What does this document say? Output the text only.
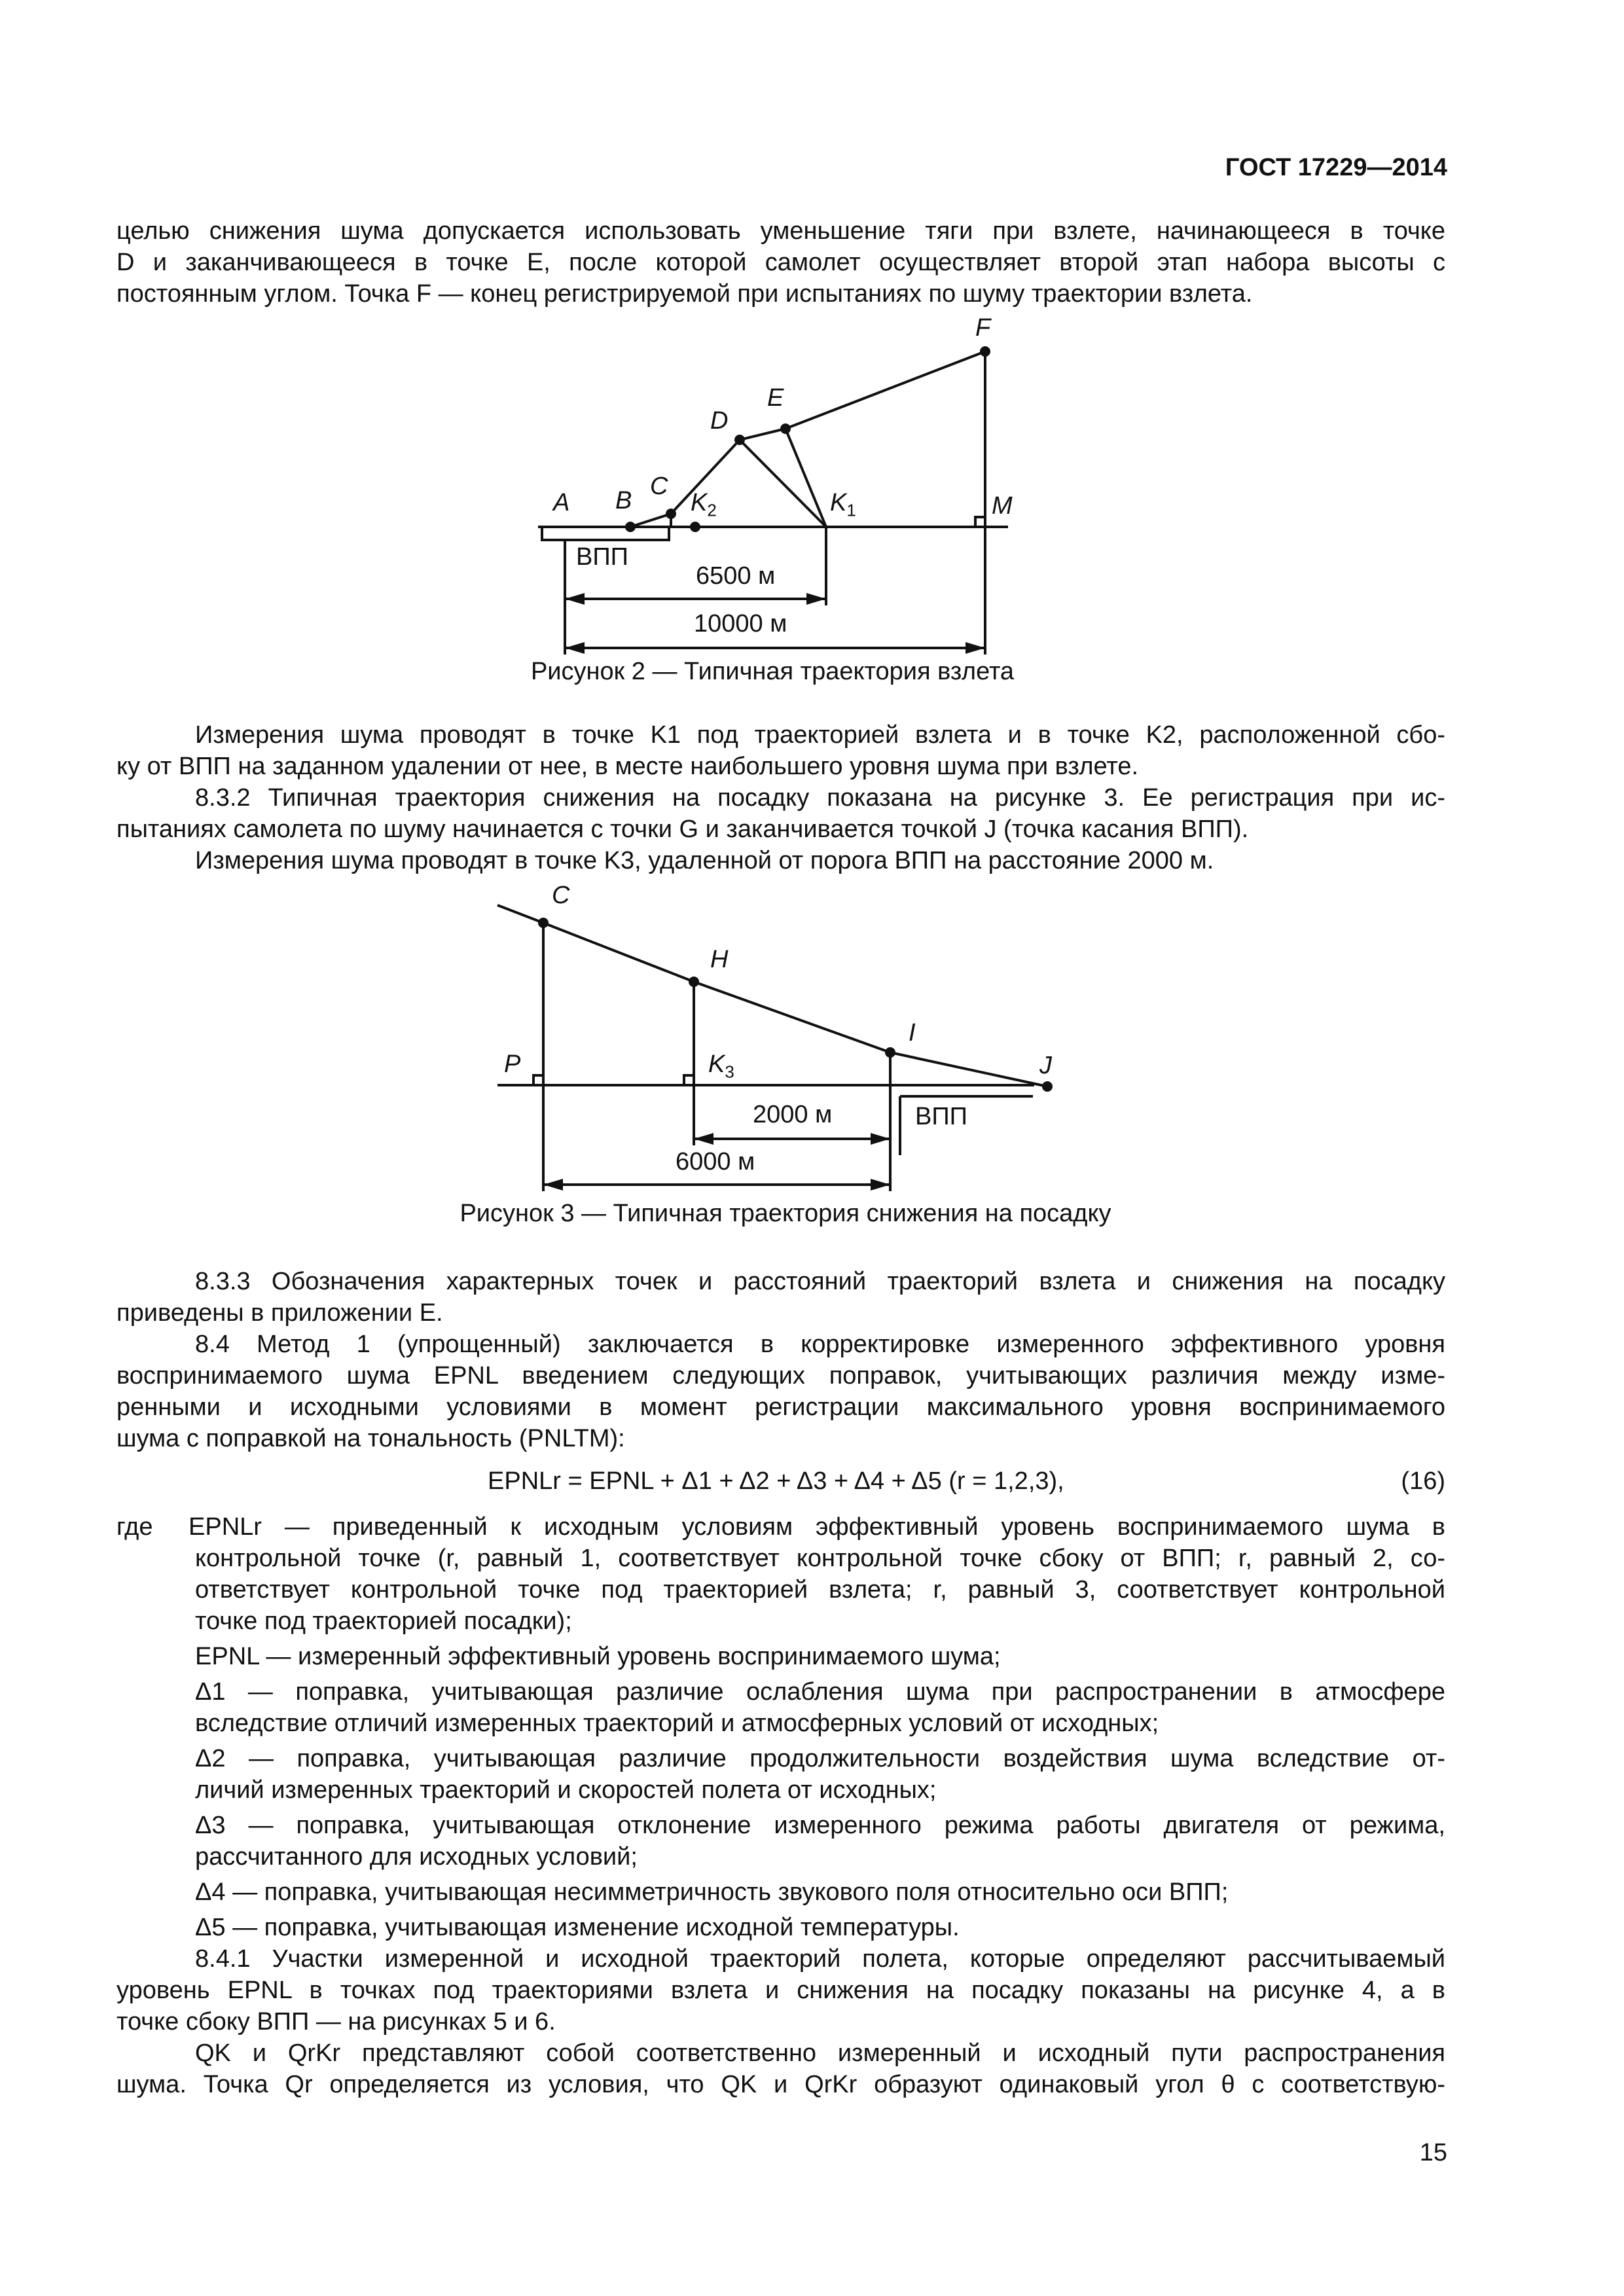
ГОСТ 17229—2014
целью снижения шума допускается использовать уменьшение тяги при взлете, начинающееся в точке
D и заканчивающееся в точке E, после которой самолет осуществляет второй этап набора высоты с
постоянным углом. Точка F — конец регистрируемой при испытаниях по шуму траектории взлета.
A B
C
$K_2$
D
E
F
$K_1$	M
ВПП
6500 м
10000 м
Рисунок 2 — Типичная траектория взлета
Измерения шума проводят в точке K1 под траекторией взлета и в точке K2, расположенной сбо-
ку от ВПП на заданном удалении от нее, в месте наибольшего уровня шума при взлете.
8.3.2 Типичная траектория снижения на посадку показана на рисунке 3. Ее регистрация при ис-
пытаниях самолета по шуму начинается с точки G и заканчивается точкой J (точка касания ВПП).
Измерения шума проводят в точке K3, удаленной от порога ВПП на расстояние 2000 м.
C
H
I
J
P	$K_3$
ВПП
2000 м
6000 м
Рисунок 3 — Типичная траектория снижения на посадку
8.3.3 Обозначения характерных точек и расстояний траекторий взлета и снижения на посадку
приведены в приложении Е.
8.4 Метод 1 (упрощенный) заключается в корректировке измеренного эффективного уровня
воспринимаемого шума EPNL введением следующих поправок, учитывающих различия между изме-
ренными и исходными условиями в момент регистрации максимального уровня воспринимаемого
шума с поправкой на тональность (PNLTM):
EPNLr = EPNL + Δ1 + Δ2 + Δ3 + Δ4 + Δ5 (r = 1,2,3),	(16)
где EPNLr — приведенный к исходным условиям эффективный уровень воспринимаемого шума в
контрольной точке (r, равный 1, соответствует контрольной точке сбоку от ВПП; r, равный 2, со-
ответствует контрольной точке под траекторией взлета; r, равный 3, соответствует контрольной
точке под траекторией посадки);
EPNL — измеренный эффективный уровень воспринимаемого шума;
Δ1 — поправка, учитывающая различие ослабления шума при распространении в атмосфере
вследствие отличий измеренных траекторий и атмосферных условий от исходных;
Δ2 — поправка, учитывающая различие продолжительности воздействия шума вследствие от-
личий измеренных траекторий и скоростей полета от исходных;
Δ3 — поправка, учитывающая отклонение измеренного режима работы двигателя от режима,
рассчитанного для исходных условий;
Δ4 — поправка, учитывающая несимметричность звукового поля относительно оси ВПП;
Δ5 — поправка, учитывающая изменение исходной температуры.
8.4.1 Участки измеренной и исходной траекторий полета, которые определяют рассчитываемый
уровень EPNL в точках под траекториями взлета и снижения на посадку показаны на рисунке 4, а в
точке сбоку ВПП — на рисунках 5 и 6.
QK и QrKr представляют собой соответственно измеренный и исходный пути распространения
шума. Точка Qr определяется из условия, что QK и QrKr образуют одинаковый угол θ с соответствую-
15
